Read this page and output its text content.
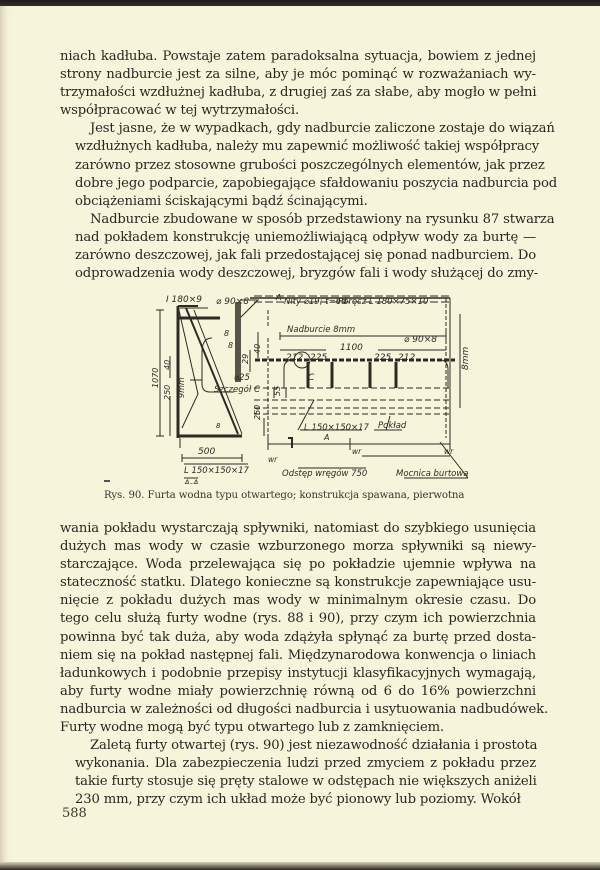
niach kadłuba. Powstaje zatem paradoksalna sytuacja, bowiem z jednej
strony nadburcie jest za silne, aby je móc pominąć w rozważaniach wy-
trzymałości wzdłużnej kadłuba, z drugiej zaś za słabe, aby mogło w pełni
współpracować w tej wytrzymałości.

Jest jasne, że w wypadkach, gdy nadburcie zaliczone zostaje do wiązań
wzdłużnych kadłuba, należy mu zapewnić możliwość takiej współpracy
zarówno przez stosowne grubości poszczególnych elementów, jak przez
dobre jego podparcie, zapobiegające sfałdowaniu poszycia nadburcia pod
obciążeniami ściskającymi bądź ścinającymi.

Nadburcie zbudowane w sposób przedstawiony na rysunku 87 stwarza
nad pokładem konstrukcję uniemożliwiającą odpływ wody za burtę —
zarówno deszczowej, jak fali przedostającej się ponad nadburciem. Do
odprowadzenia wody deszczowej, bryzgów fali i wody służącej do zmy-

Ⅰ 180×9 ⌀ 90×8	A Nity ⌀19; t=6d
Poręcz L 180×75×10
Nadburcie 8mm
1100
⌀ 90×8
212 225	225 212	8mm
8
8
29
40
⌀25
Szczegół C
C
1070
40
250 9mm
8
55
250
500
L 150×150×17
A-A
L 150×150×17 Pokład
A
wr
wr	wr
Odstęp wręgów 750	Mocnica burtowa
Rys. 90. Furta wodna typu otwartego; konstrukcja spawana, pierwotna

wania pokładu wystarczają spływniki, natomiast do szybkiego usunięcia
dużych mas wody w czasie wzburzonego morza spływniki są niewy-
starczające. Woda przelewająca się po pokładzie ujemnie wpływa na
stateczność statku. Dlatego konieczne są konstrukcje zapewniające usu-
nięcie z pokładu dużych mas wody w minimalnym okresie czasu. Do
tego celu służą furty wodne (rys. 88 i 90), przy czym ich powierzchnia
powinna być tak duża, aby woda zdążyła spłynąć za burtę przed dosta-
niem się na pokład następnej fali. Międzynarodowa konwencja o liniach
ładunkowych i podobnie przepisy instytucji klasyfikacyjnych wymagają,
aby furty wodne miały powierzchnię równą od 6 do 16% powierzchni
nadburcia w zależności od długości nadburcia i usytuowania nadbudówek.
Furty wodne mogą być typu otwartego lub z zamknięciem.

Zaletą furty otwartej (rys. 90) jest niezawodność działania i prostota
wykonania. Dla zabezpieczenia ludzi przed zmyciem z pokładu przez
takie furty stosuje się pręty stalowe w odstępach nie większych aniżeli
230 mm, przy czym ich układ może być pionowy lub poziomy. Wokół

588
